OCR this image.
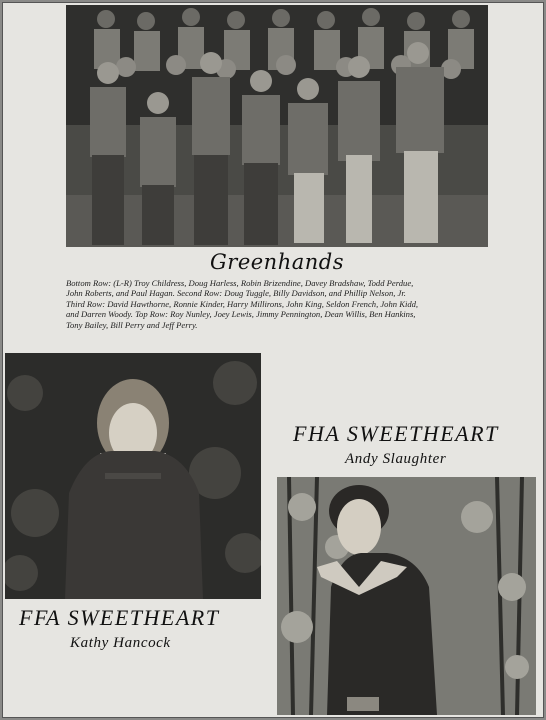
Greenhands
Bottom Row: (L-R) Troy Childress, Doug Harless, Robin Brizendine, Davey Bradshaw, Todd Perdue,
John Roberts, and Paul Hagan. Second Row: Doug Tuggle, Billy Davidson, and Phillip Nelson, Jr.
Third Row: David Hawthorne, Ronnie Kinder, Harry Millirons, John King, Seldon French, John Kidd,
and Darren Woody. Top Row: Roy Nunley, Joey Lewis, Jimmy Pennington, Dean Willis, Ben Hankins,
Tony Bailey, Bill Perry and Jeff Perry.
FHA SWEETHEART
Andy Slaughter
FFA SWEETHEART
Kathy Hancock
